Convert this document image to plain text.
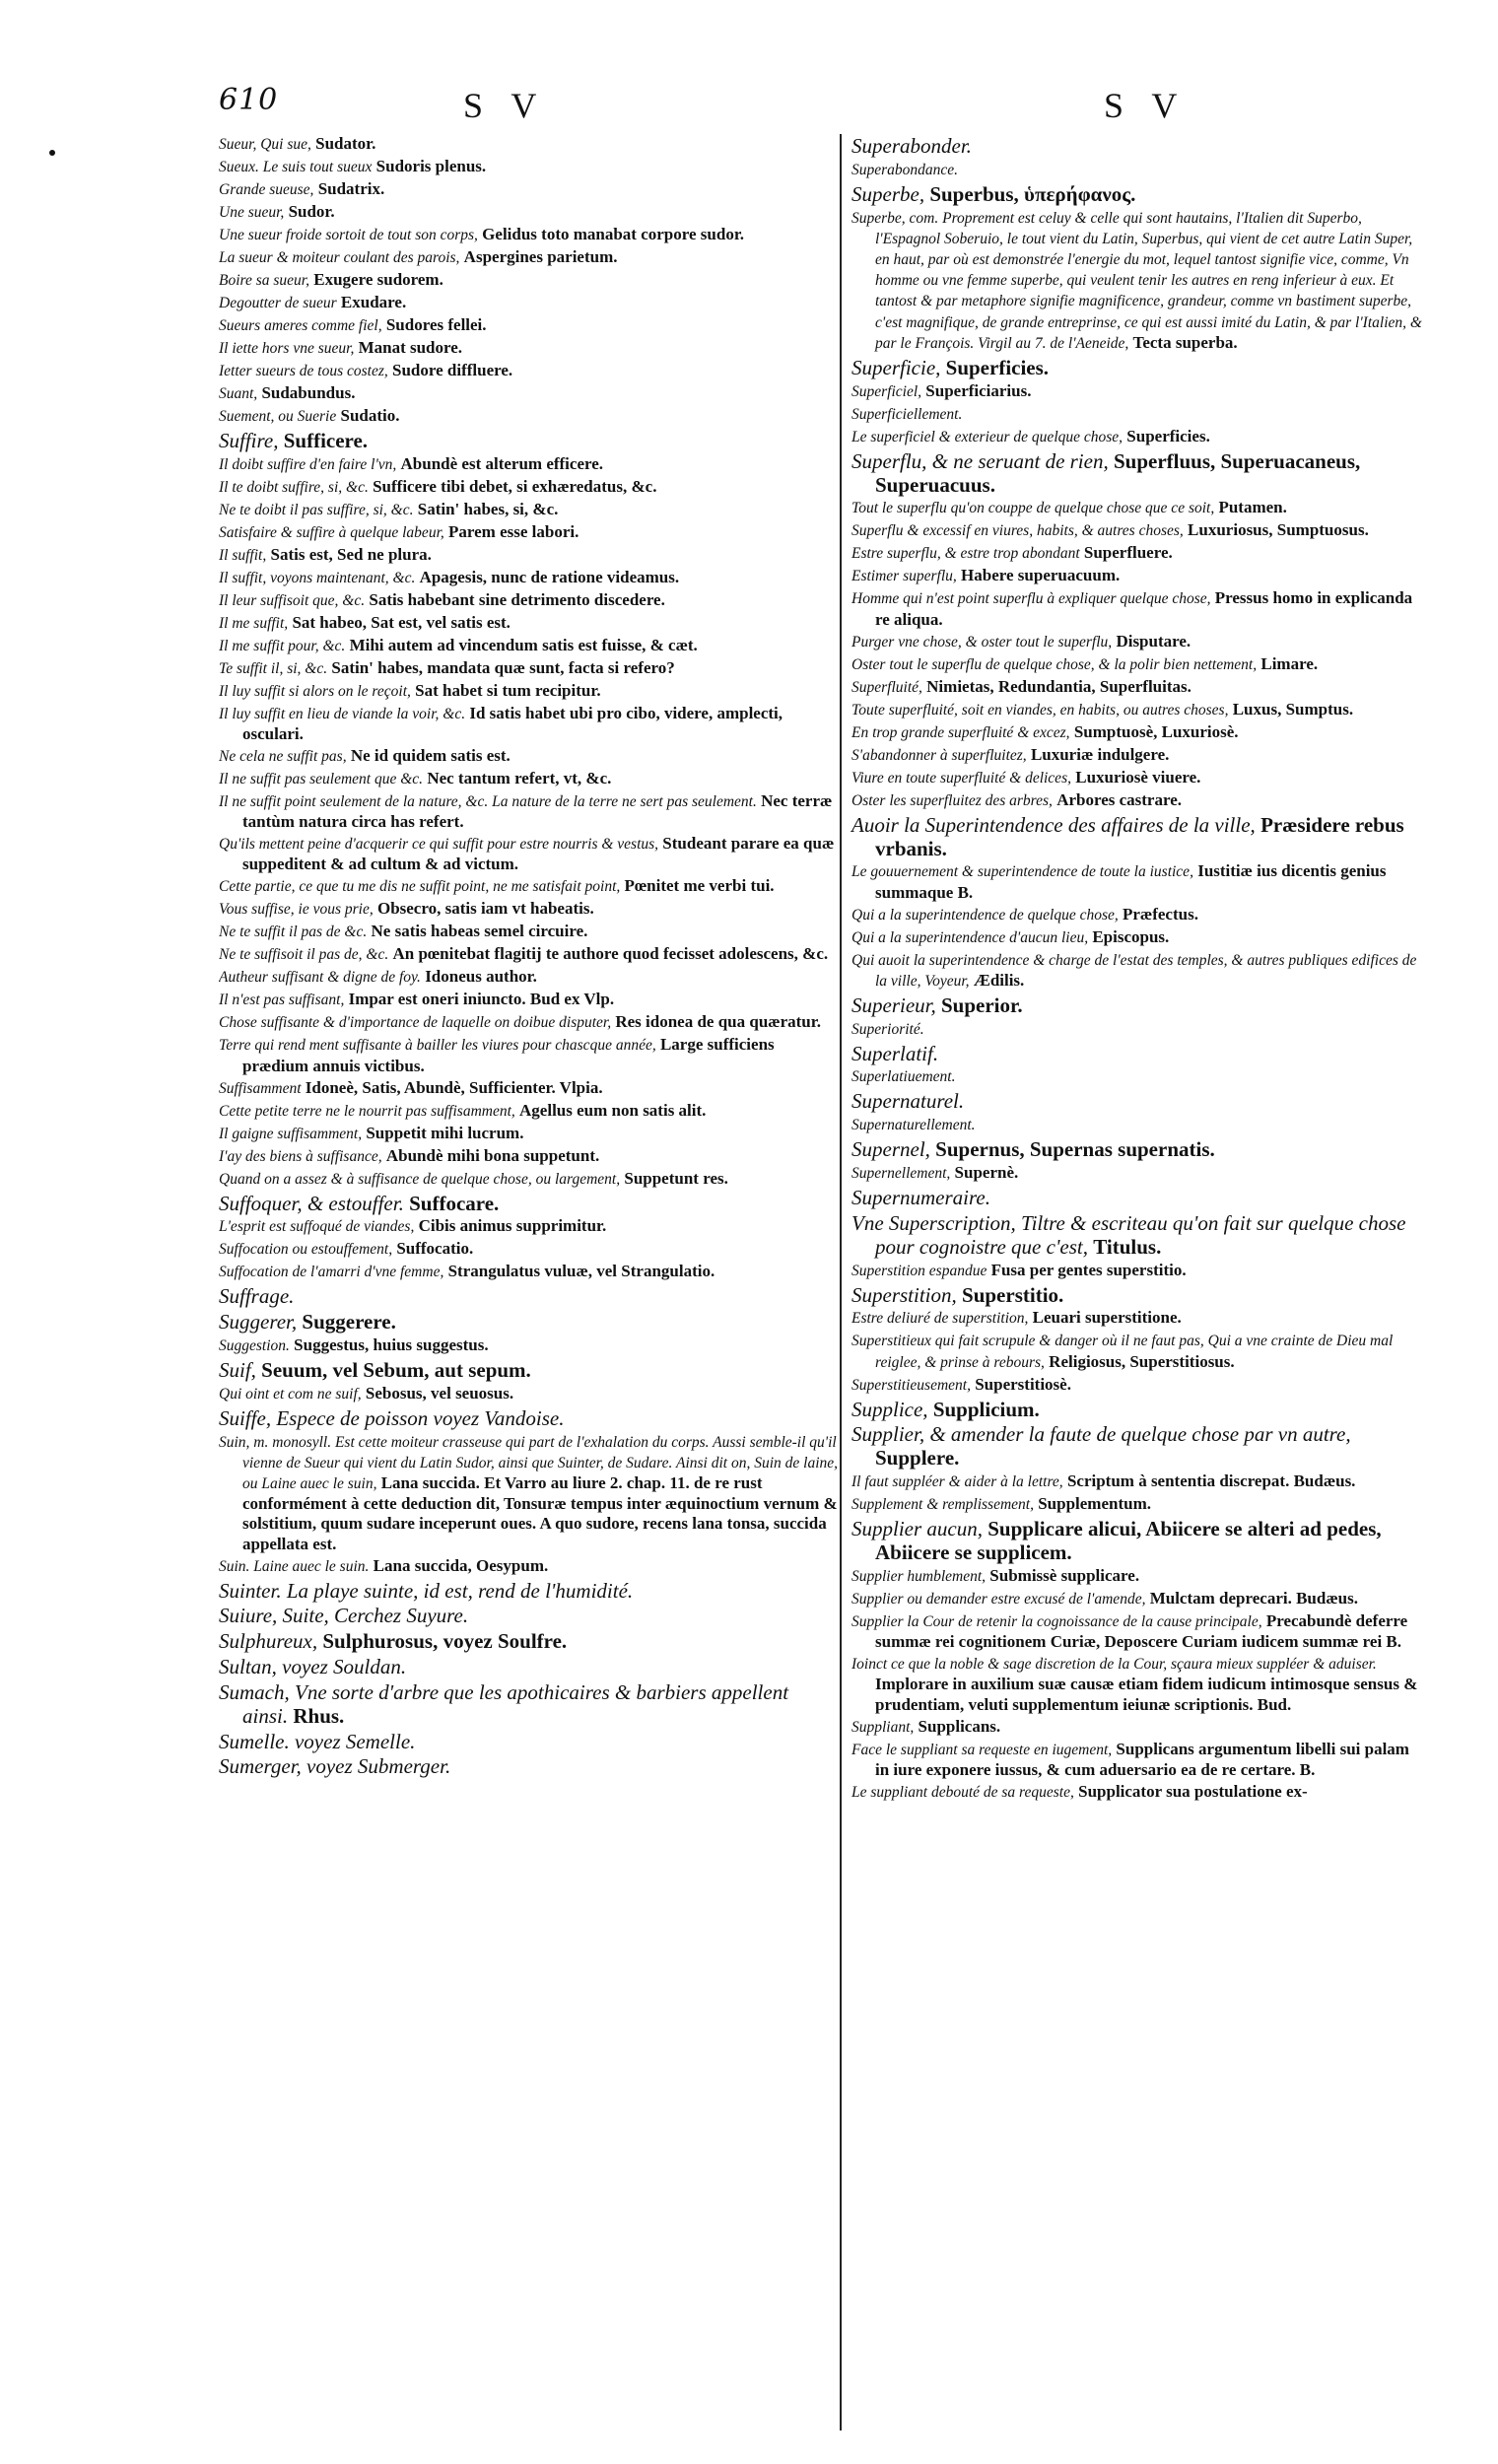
610	S V	S V
Sueur, Qui sue, Sudator.
Sueux. Le suis tout sueux Sudoris plenus.
Grande sueuse, Sudatrix.
Une sueur, Sudor.
Une sueur froide sortoit de tout son corps, Gelidus toto manabat corpore sudor.
La sueur & moiteur coulant des parois, Aspergines parietum.
Boire sa sueur, Exugere sudorem.
Degoutter de sueur Exudare.
Sueurs ameres comme fiel, Sudores fellei.
Il iette hors vne sueur, Manat sudore.
Ietter sueurs de tous costez, Sudore diffluere.
Suant, Sudabundus.
Suement, ou Suerie Sudatio.
Suffire, Sufficere.
Il doibt suffire d'en faire l'vn, Abundè est alterum efficere.
Il te doibt suffire, si, &c. Sufficere tibi debet, si exhæredatus, &c.
Ne te doibt il pas suffire, si, &c. Satin' habes, si, &c.
Satisfaire & suffire à quelque labeur, Parem esse labori.
Il suffit, Satis est, Sed ne plura.
Il suffit, voyons maintenant, &c. Apagesis, nunc de ratione videamus.
Il leur suffisoit que, &c. Satis habebant sine detrimento discedere.
Il me suffit, Sat habeo, Sat est, vel satis est.
Il me suffit pour, &c. Mihi autem ad vincendum satis est fuisse, & cæt.
Te suffit il, si, &c. Satin' habes, mandata quæ sunt, facta si refero?
Il luy suffit si alors on le reçoit, Sat habet si tum recipitur.
Il luy suffit en lieu de viande la voir, &c. Id satis habet ubi pro cibo, videre, amplecti, osculari.
Ne cela ne suffit pas, Ne id quidem satis est.
Il ne suffit pas seulement que &c. Nec tantum refert, vt, &c.
Il ne suffit point seulement de la nature, &c. La nature de la terre ne sert pas seulement. Nec terræ tantùm natura circa has refert.
Qu'ils mettent peine d'acquerir ce qui suffit pour estre nourris & vestus, Studeant parare ea quæ suppeditent & ad cultum & ad victum.
Cette partie, ce que tu me dis ne suffit point, ne me satisfait point, Pœnitet me verbi tui.
Vous suffise, ie vous prie, Obsecro, satis iam vt habeatis.
Ne te suffit il pas de &c. Ne satis habeas semel circuire.
Ne te suffisoit il pas de, &c. An pœnitebat flagitij te authore quod fecisset adolescens, &c.
Autheur suffisant & digne de foy. Idoneus author.
Il n'est pas suffisant, Impar est oneri iniuncto. Bud ex Vlp.
Chose suffisante & d'importance de laquelle on doibue disputer, Res idonea de qua quæratur.
Terre qui rend ment suffisante à bailler les viures pour chascque année, Large sufficiens prædium annuis victibus.
Suffisamment Idoneè, Satis, Abundè, Sufficienter. Vlpia.
Cette petite terre ne le nourrit pas suffisamment, Agellus eum non satis alit.
Il gaigne suffisamment, Suppetit mihi lucrum.
I'ay des biens à suffisance, Abundè mihi bona suppetunt.
Quand on a assez & à suffisance de quelque chose, ou largement, Suppetunt res.
Suffoquer, & estouffer. Suffocare.
L'esprit est suffoqué de viandes, Cibis animus supprimitur.
Suffocation ou estouffement, Suffocatio.
Suffocation de l'amarri d'vne femme, Strangulatus vuluæ, vel Strangulatio.
Suffrage.
Suggerer, Suggerere.
Suggestion. Suggestus, huius suggestus.
Suif, Seuum, vel Sebum, aut sepum.
Qui oint et com ne suif, Sebosus, vel seuosus.
Suiffe, Espece de poisson voyez Vandoise.
Suin, m. monosyll. Est cette moiteur crasseuse qui part de l'exhalation du corps. Aussi semble-il qu'il vienne de Sueur qui vient du Latin Sudor, ainsi que Suinter, de Sudare. Ainsi dit on, Suin de laine, ou Laine auec le suin, Lana succida. Et Varro au liure 2. chap. 11. de re rust conformément à cette deduction dit, Tonsuræ tempus inter æquinoctium vernum & solstitium, quum sudare inceperunt oues. A quo sudore, recens lana tonsa, succida appellata est.
Suin. Laine auec le suin. Lana succida, Oesypum.
Suinter. La playe suinte, id est, rend de l'humidité.
Suiure, Suite, Cerchez Suyure.
Sulphureux, Sulphurosus, voyez Soulfre.
Sultan, voyez Souldan.
Sumach, Vne sorte d'arbre que les apothicaires & barbiers appellent ainsi. Rhus.
Sumelle. voyez Semelle.
Sumerger, voyez Submerger.
Superabonder.
Superabondance.
Superbe, Superbus, ὑπερήφανος.
Superbe, com. Proprement est celuy & celle qui sont hautains, l'Italien dit Superbo, l'Espagnol Soberuio, le tout vient du Latin, Superbus, qui vient de cet autre Latin Super, en haut, par où est demonstrée l'energie du mot, lequel tantost signifie vice, comme, Vn homme ou vne femme superbe, qui veulent tenir les autres en reng inferieur à eux. Et tantost & par metaphore signifie magnificence, grandeur, comme vn bastiment superbe, c'est magnifique, de grande entreprinse, ce qui est aussi imité du Latin, & par l'Italien, & par le François. Virgil au 7. de l'Aeneide, Tecta superba.
Superficie, Superficies.
Superficiel, Superficiarius.
Superficiellement.
Le superficiel & exterieur de quelque chose, Superficies.
Superflu, & ne seruant de rien, Superfluus, Superuacaneus, Superuacuus.
Tout le superflu qu'on couppe de quelque chose que ce soit, Putamen.
Superflu & excessif en viures, habits, & autres choses, Luxuriosus, Sumptuosus.
Estre superflu, & estre trop abondant Superfluere.
Estimer superflu, Habere superuacuum.
Homme qui n'est point superflu à expliquer quelque chose, Pressus homo in explicanda re aliqua.
Purger vne chose, & oster tout le superflu, Disputare.
Oster tout le superflu de quelque chose, & la polir bien nettement, Limare.
Superfluité, Nimietas, Redundantia, Superfluitas.
Toute superfluité, soit en viandes, en habits, ou autres choses, Luxus, Sumptus.
En trop grande superfluité & excez, Sumptuosè, Luxuriosè.
S'abandonner à superfluitez, Luxuriæ indulgere.
Viure en toute superfluité & delices, Luxuriosè viuere.
Oster les superfluitez des arbres, Arbores castrare.
Auoir la Superintendence des affaires de la ville, Præsidere rebus vrbanis.
Le gouuernement & superintendence de toute la iustice, Iustitiæ ius dicentis genius summaque B.
Qui a la superintendence de quelque chose, Præfectus.
Qui a la superintendence d'aucun lieu, Episcopus.
Qui auoit la superintendence & charge de l'estat des temples, & autres publiques edifices de la ville, Voyeur, Ædilis.
Superieur, Superior.
Superiorité.
Superlatif.
Superlatiuement.
Supernaturel.
Supernaturellement.
Supernel, Supernus, Supernas supernatis.
Supernellement, Supernè.
Supernumeraire.
Vne Superscription, Tiltre & escriteau qu'on fait sur quelque chose pour cognoistre que c'est, Titulus.
Superstition espandue Fusa per gentes superstitio.
Superstition, Superstitio.
Estre deliuré de superstition, Leuari superstitione.
Superstitieux qui fait scrupule & danger où il ne faut pas, Qui a vne crainte de Dieu mal reiglee, & prinse à rebours, Religiosus, Superstitiosus.
Superstitieusement, Superstitiosè.
Supplice, Supplicium.
Supplier, & amender la faute de quelque chose par vn autre, Supplere.
Il faut suppléer & aider à la lettre, Scriptum à sententia discrepat. Budæus.
Supplement & remplissement, Supplementum.
Supplier aucun, Supplicare alicui, Abiicere se alteri ad pedes, Abiicere se supplicem.
Supplier humblement, Submissè supplicare.
Supplier ou demander estre excusé de l'amende, Mulctam deprecari. Budæus.
Supplier la Cour de retenir la cognoissance de la cause principale, Precabundè deferre summæ rei cognitionem Curiæ, Deposcere Curiam iudicem summæ rei B.
Ioinct ce que la noble & sage discretion de la Cour, sçaura mieux suppléer & aduiser. Implorare in auxilium suæ causæ etiam fidem iudicum intimosque sensus & prudentiam, veluti supplementum ieiunæ scriptionis. Bud.
Suppliant, Supplicans.
Face le suppliant sa requeste en iugement, Supplicans argumentum libelli sui palam in iure exponere iussus, & cum aduersario ea de re certare. B.
Le suppliant debouté de sa requeste, Supplicator sua postulatione ex-
